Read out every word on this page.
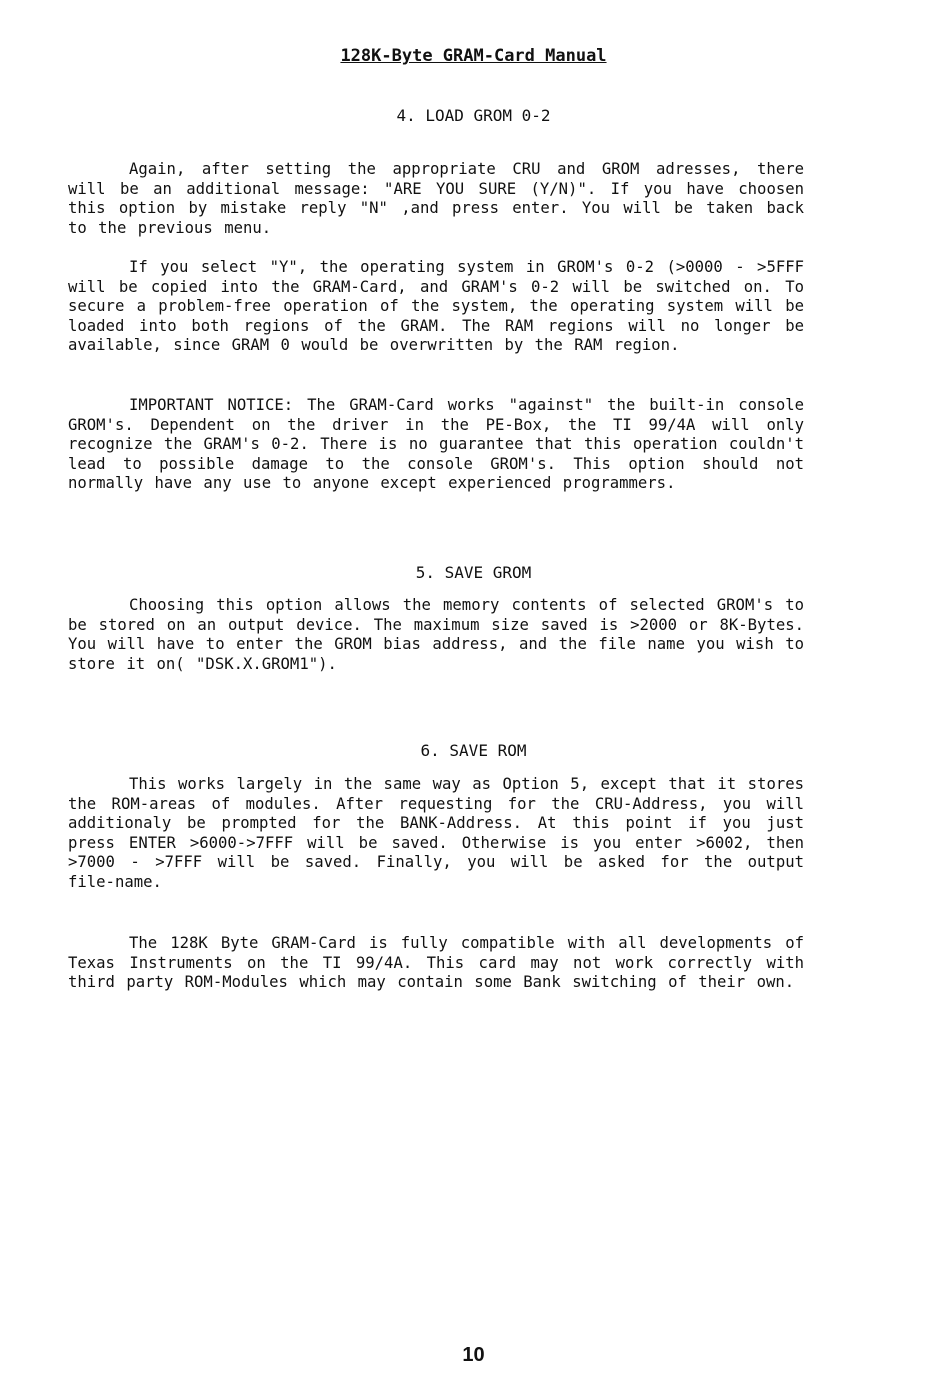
128K-Byte GRAM-Card Manual
4. LOAD GROM 0-2

Again, after setting the appropriate CRU and GROM adresses, there will be an additional message: "ARE YOU SURE (Y/N)". If you have choosen this option by mistake reply "N" ,and press enter. You will be taken back to the previous menu.

If you select "Y", the operating system in GROM's 0-2 (>0000 - >5FFF will be copied into the GRAM-Card, and GRAM's 0-2 will be switched on. To secure a problem-free operation of the system, the operating system will be loaded into both regions of the GRAM. The RAM regions will no longer be available, since GRAM 0 would be overwritten by the RAM region.

IMPORTANT NOTICE: The GRAM-Card works "against" the built-in console GROM's. Dependent on the driver in the PE-Box, the TI 99/4A will only recognize the GRAM's 0-2. There is no guarantee that this operation couldn't lead to possible damage to the console GROM's. This option should not normally have any use to anyone except experienced programmers.

5. SAVE GROM

Choosing this option allows the memory contents of selected GROM's to be stored on an output device. The maximum size saved is >2000 or 8K-Bytes. You will have to enter the GROM bias address, and the file name you wish to store it on( "DSK.X.GROM1").

6. SAVE ROM

This works largely in the same way as Option 5, except that it stores the ROM-areas of modules. After requesting for the CRU-Address, you will additionaly be prompted for the BANK-Address. At this point if you just press ENTER >6000->7FFF will be saved. Otherwise is you enter >6002, then >7000 - >7FFF will be saved. Finally, you will be asked for the output file-name.

The 128K Byte GRAM-Card is fully compatible with all developments of Texas Instruments on the TI 99/4A. This card may not work correctly with third party ROM-Modules which may contain some Bank switching of their own.

10
